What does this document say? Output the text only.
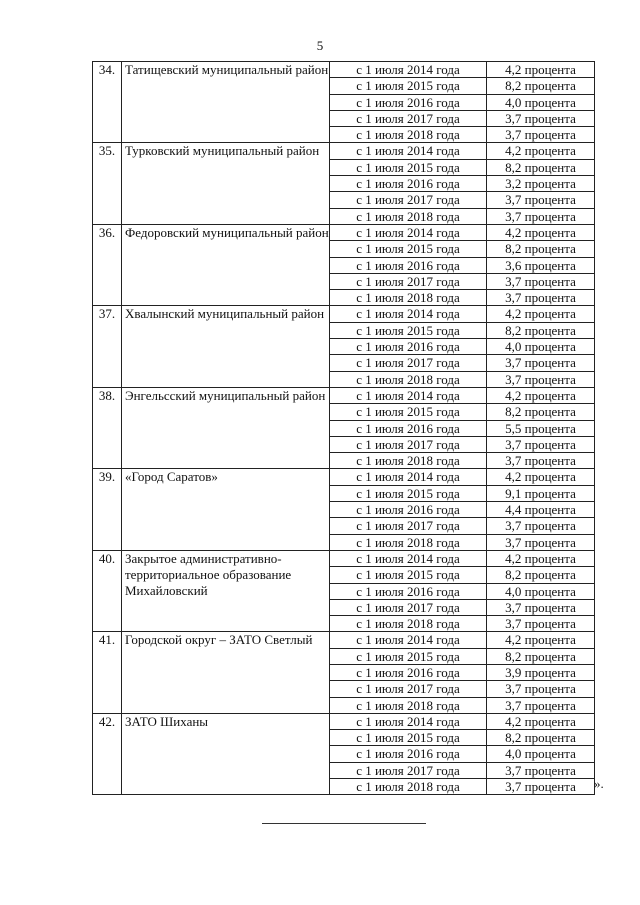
5
34.	Татищевский муниципальный район	с 1 июля 2014 года	4,2 процента
		с 1 июля 2015 года	8,2 процента
		с 1 июля 2016 года	4,0 процента
		с 1 июля 2017 года	3,7 процента
		с 1 июля 2018 года	3,7 процента
35.	Турковский муниципальный район	с 1 июля 2014 года	4,2 процента
		с 1 июля 2015 года	8,2 процента
		с 1 июля 2016 года	3,2 процента
		с 1 июля 2017 года	3,7 процента
		с 1 июля 2018 года	3,7 процента
36.	Федоровский муниципальный район	с 1 июля 2014 года	4,2 процента
		с 1 июля 2015 года	8,2 процента
		с 1 июля 2016 года	3,6 процента
		с 1 июля 2017 года	3,7 процента
		с 1 июля 2018 года	3,7 процента
37.	Хвалынский муниципальный район	с 1 июля 2014 года	4,2 процента
		с 1 июля 2015 года	8,2 процента
		с 1 июля 2016 года	4,0 процента
		с 1 июля 2017 года	3,7 процента
		с 1 июля 2018 года	3,7 процента
38.	Энгельсский муниципальный район	с 1 июля 2014 года	4,2 процента
		с 1 июля 2015 года	8,2 процента
		с 1 июля 2016 года	5,5 процента
		с 1 июля 2017 года	3,7 процента
		с 1 июля 2018 года	3,7 процента
39.	«Город Саратов»	с 1 июля 2014 года	4,2 процента
		с 1 июля 2015 года	9,1 процента
		с 1 июля 2016 года	4,4 процента
		с 1 июля 2017 года	3,7 процента
		с 1 июля 2018 года	3,7 процента
40.	Закрытое административно-территориальное образование Михайловский	с 1 июля 2014 года	4,2 процента
		с 1 июля 2015 года	8,2 процента
		с 1 июля 2016 года	4,0 процента
		с 1 июля 2017 года	3,7 процента
		с 1 июля 2018 года	3,7 процента
41.	Городской округ – ЗАТО Светлый	с 1 июля 2014 года	4,2 процента
		с 1 июля 2015 года	8,2 процента
		с 1 июля 2016 года	3,9 процента
		с 1 июля 2017 года	3,7 процента
		с 1 июля 2018 года	3,7 процента
42.	ЗАТО Шиханы	с 1 июля 2014 года	4,2 процента
		с 1 июля 2015 года	8,2 процента
		с 1 июля 2016 года	4,0 процента
		с 1 июля 2017 года	3,7 процента
		с 1 июля 2018 года	3,7 процента ».
